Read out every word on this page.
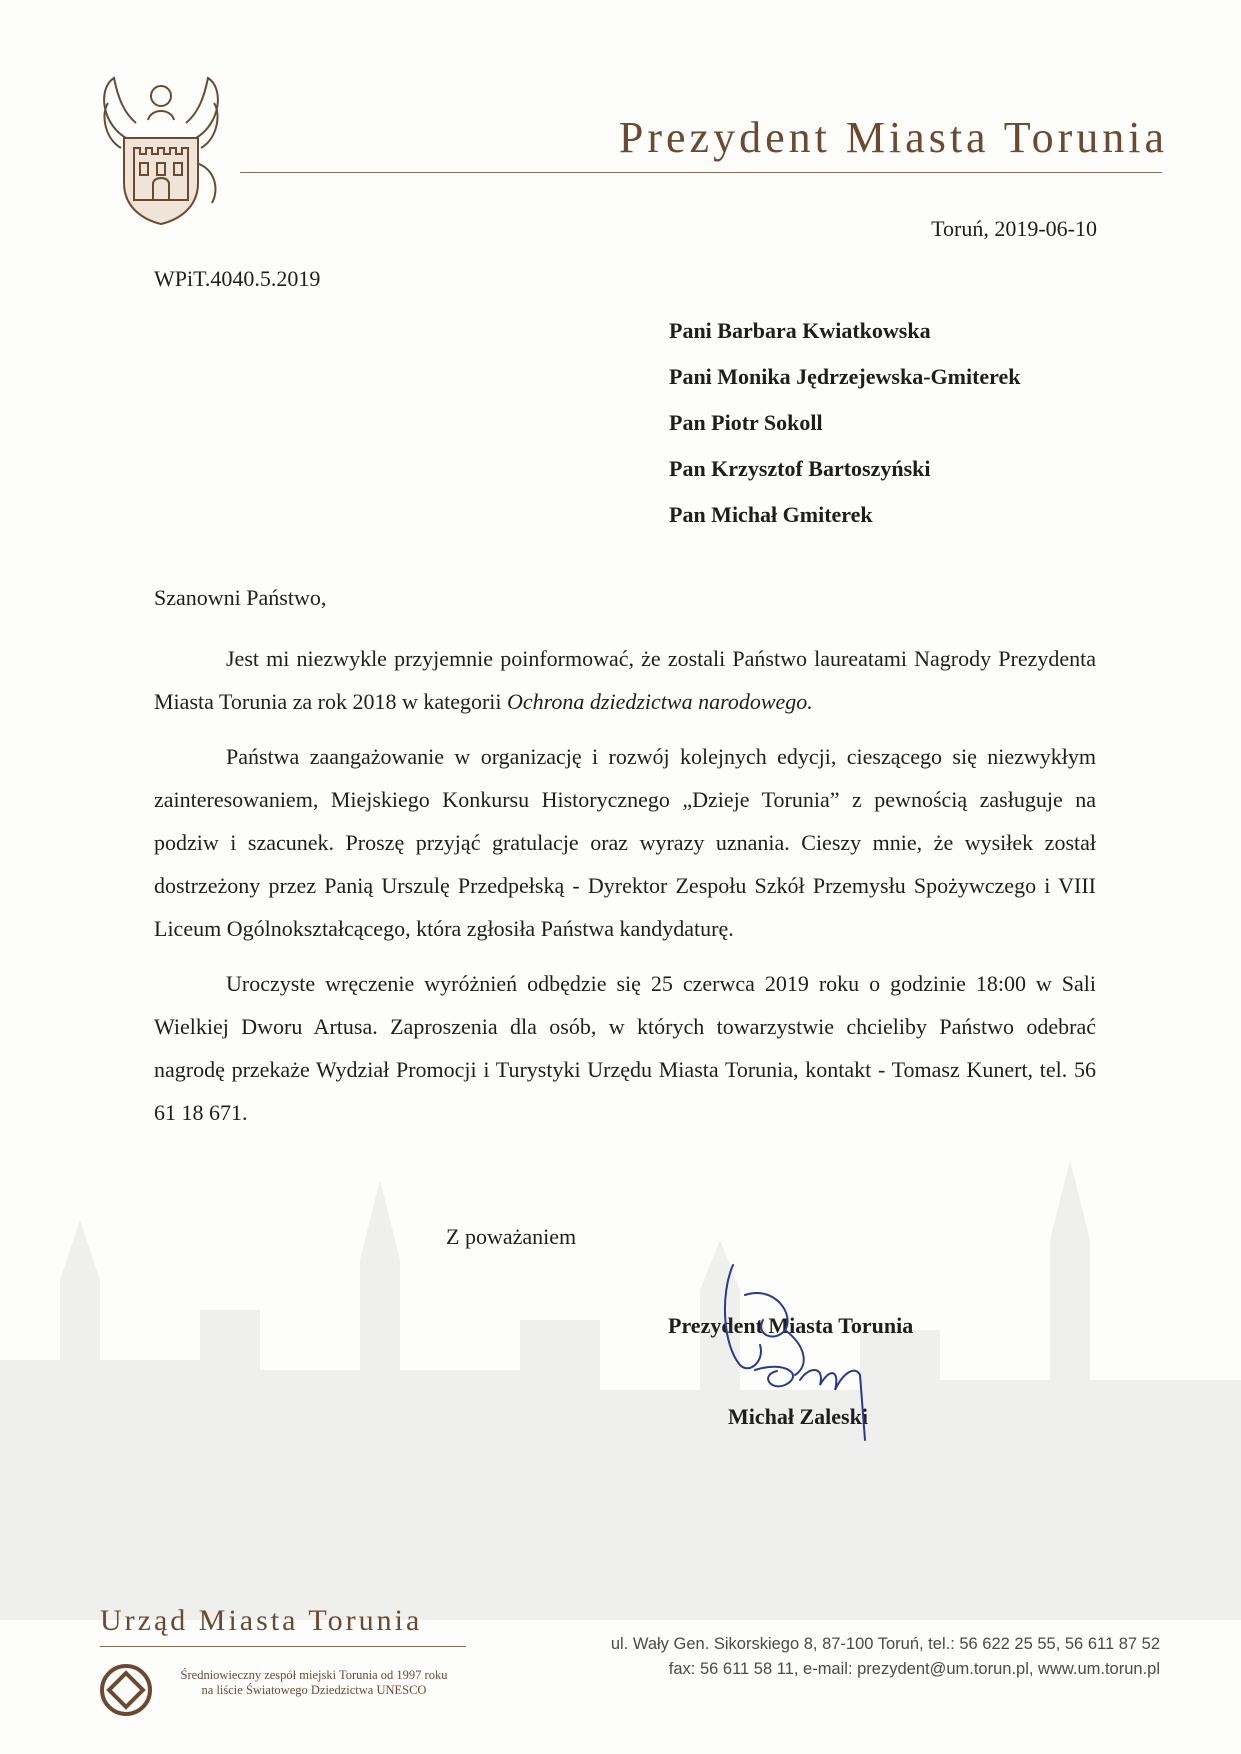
Prezydent Miasta Torunia
Toruń, 2019-06-10
WPiT.4040.5.2019
Pani Barbara Kwiatkowska
Pani Monika Jędrzejewska-Gmiterek
Pan Piotr Sokoll
Pan Krzysztof Bartoszyński
Pan Michał Gmiterek
Szanowni Państwo,

Jest mi niezwykle przyjemnie poinformować, że zostali Państwo laureatami Nagrody Prezydenta Miasta Torunia za rok 2018 w kategorii Ochrona dziedzictwa narodowego.

Państwa zaangażowanie w organizację i rozwój kolejnych edycji, cieszącego się niezwykłym zainteresowaniem, Miejskiego Konkursu Historycznego „Dzieje Torunia” z pewnością zasługuje na podziw i szacunek. Proszę przyjąć gratulacje oraz wyrazy uznania. Cieszy mnie, że wysiłek został dostrzeżony przez Panią Urszulę Przedpełską - Dyrektor Zespołu Szkół Przemysłu Spożywczego i VIII Liceum Ogólnokształcącego, która zgłosiła Państwa kandydaturę.

Uroczyste wręczenie wyróżnień odbędzie się 25 czerwca 2019 roku o godzinie 18:00 w Sali Wielkiej Dworu Artusa. Zaproszenia dla osób, w których towarzystwie chcieliby Państwo odebrać nagrodę przekaże Wydział Promocji i Turystyki Urzędu Miasta Torunia, kontakt - Tomasz Kunert, tel. 56 61 18 671.

Z poważaniem
Prezydent Miasta Torunia
Michał Zaleski
Urząd Miasta Torunia
Średniowieczny zespół miejski Torunia od 1997 roku na liście Światowego Dziedzictwa UNESCO
ul. Wały Gen. Sikorskiego 8, 87-100 Toruń, tel.: 56 622 25 55, 56 611 87 52
fax: 56 611 58 11, e-mail: prezydent@um.torun.pl, www.um.torun.pl
